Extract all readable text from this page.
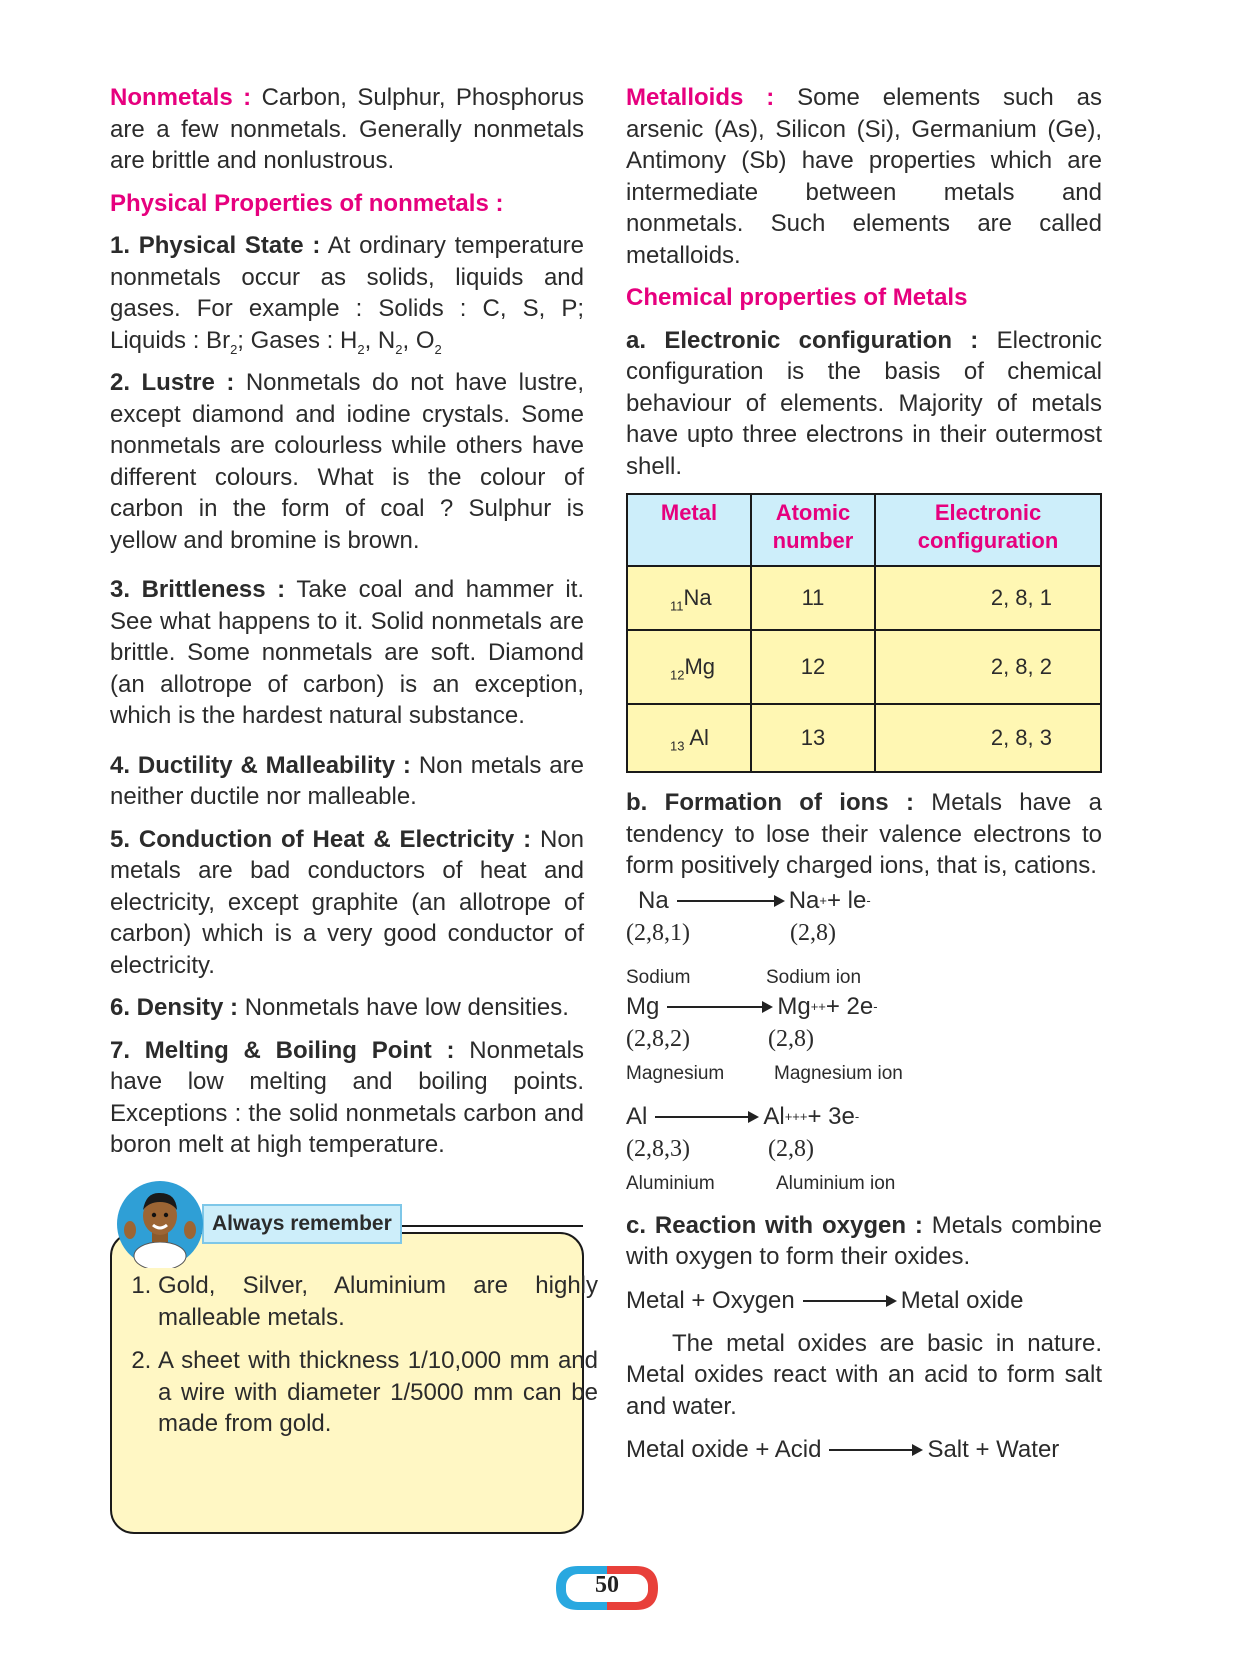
Nonmetals : Carbon, Sulphur, Phosphorus are a few nonmetals. Generally nonmetals are brittle and nonlustrous.

Physical Properties of nonmetals :

1. Physical State : At ordinary temperature nonmetals occur as solids, liquids and gases. For example : Solids : C, S, P; Liquids : $Br_2$; Gases : $H_2$, $N_2$, $O_2$

2. Lustre : Nonmetals do not have lustre, except diamond and iodine crystals. Some nonmetals are colourless while others have different colours. What is the colour of carbon in the form of coal ? Sulphur is yellow and bromine is brown.

3. Brittleness : Take coal and hammer it. See what happens to it. Solid nonmetals are brittle. Some nonmetals are soft. Diamond (an allotrope of carbon) is an exception, which is the hardest natural substance.

4. Ductility & Malleability : Non metals are neither ductile nor malleable.

5. Conduction of Heat & Electricity : Non metals are bad conductors of heat and electricity, except graphite (an allotrope of carbon) which is a very good conductor of electricity.

6. Density : Nonmetals have low densities.

7. Melting & Boiling Point : Nonmetals have low melting and boiling points. Exceptions : the solid nonmetals carbon and boron melt at high temperature.

1. Gold, Silver, Aluminium are highly malleable metals.
2. A sheet with thickness 1/10,000 mm and a wire with diameter 1/5000 mm can be made from gold.
Always remember

Metalloids : Some elements such as arsenic (As), Silicon (Si), Germanium (Ge), Antimony (Sb) have properties which are intermediate between metals and nonmetals. Such elements are called metalloids.

Chemical properties of Metals

a. Electronic configuration : Electronic configuration is the basis of chemical behaviour of elements. Majority of metals have upto three electrons in their outermost shell.

Metal	Atomic number	Electronic configuration
$_{11}$Na	11	2, 8, 1
$_{12}$Mg	12	2, 8, 2
$_{13}$ Al	13	2, 8, 3

b. Formation of ions : Metals have a tendency to lose their valence electrons to form positively charged ions, that is, cations.

Na	Na + + le -
(2,8,1)	(2,8)
Sodium	Sodium ion
Mg	Mg ++ + 2e -
(2,8,2)	(2,8)
Magnesium	Magnesium ion
Al	Al +++ + 3e -
(2,8,3)	(2,8)
Aluminium	Aluminium ion

c. Reaction with oxygen : Metals combine with oxygen to form their oxides.

Metal + Oxygen	Metal oxide

The metal oxides are basic in nature. Metal oxides react with an acid to form salt and water.

Metal oxide + Acid	Salt + Water
50
